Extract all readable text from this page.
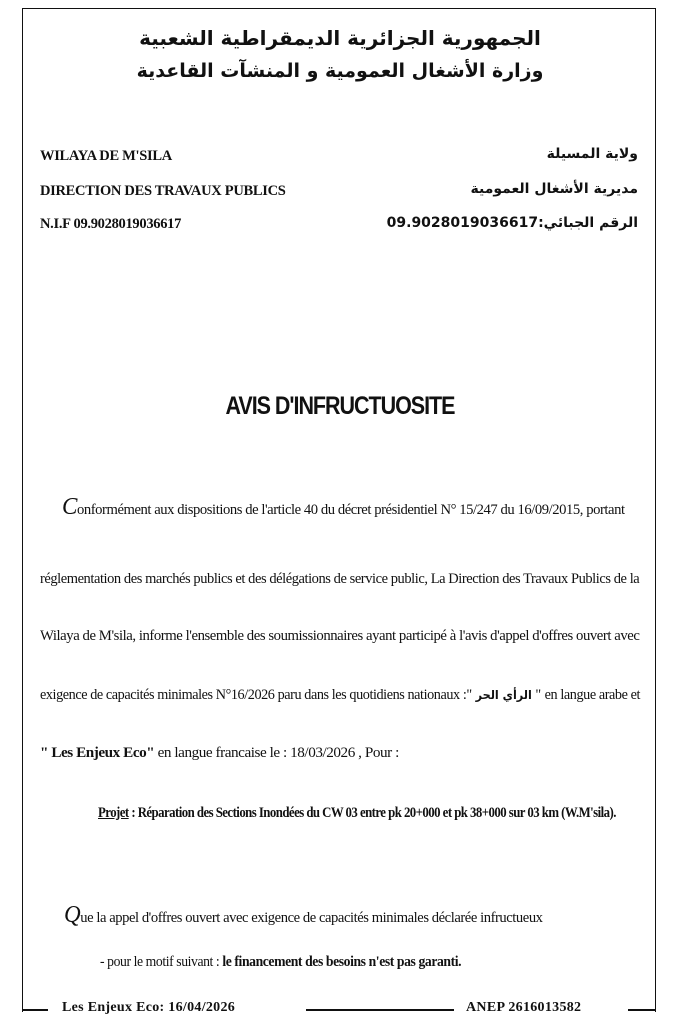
الجمهورية الجزائرية الديمقراطية الشعبية
وزارة الأشغال العمومية و المنشآت القاعدية
WILAYA DE M'SILA
DIRECTION DES TRAVAUX PUBLICS
N.I.F 09.9028019036617
ولاية المسيلة
مديرية الأشغال العمومية
الرقم الجبائي:09.9028019036617
AVIS D'INFRUCTUOSITE
Conformément aux dispositions de l'article 40 du décret présidentiel N° 15/247 du 16/09/2015, portant
réglementation des marchés publics et des délégations de service public, La Direction des Travaux Publics de la
Wilaya de M'sila, informe l'ensemble des soumissionnaires ayant participé à l'avis d'appel d'offres ouvert avec
exigence de capacités minimales N°16/2026 paru dans les quotidiens nationaux :" الرأي الحر " en langue arabe et
" Les Enjeux Eco" en langue francaise le : 18/03/2026 , Pour :
Projet : Réparation des Sections Inondées du CW 03 entre pk 20+000 et pk 38+000 sur 03 km (W.M'sila).
Que la appel d'offres ouvert avec exigence de capacités minimales déclarée infructueux
- pour le motif suivant : le financement des besoins n'est pas garanti.
Les Enjeux Eco: 16/04/2026	ANEP 2616013582
